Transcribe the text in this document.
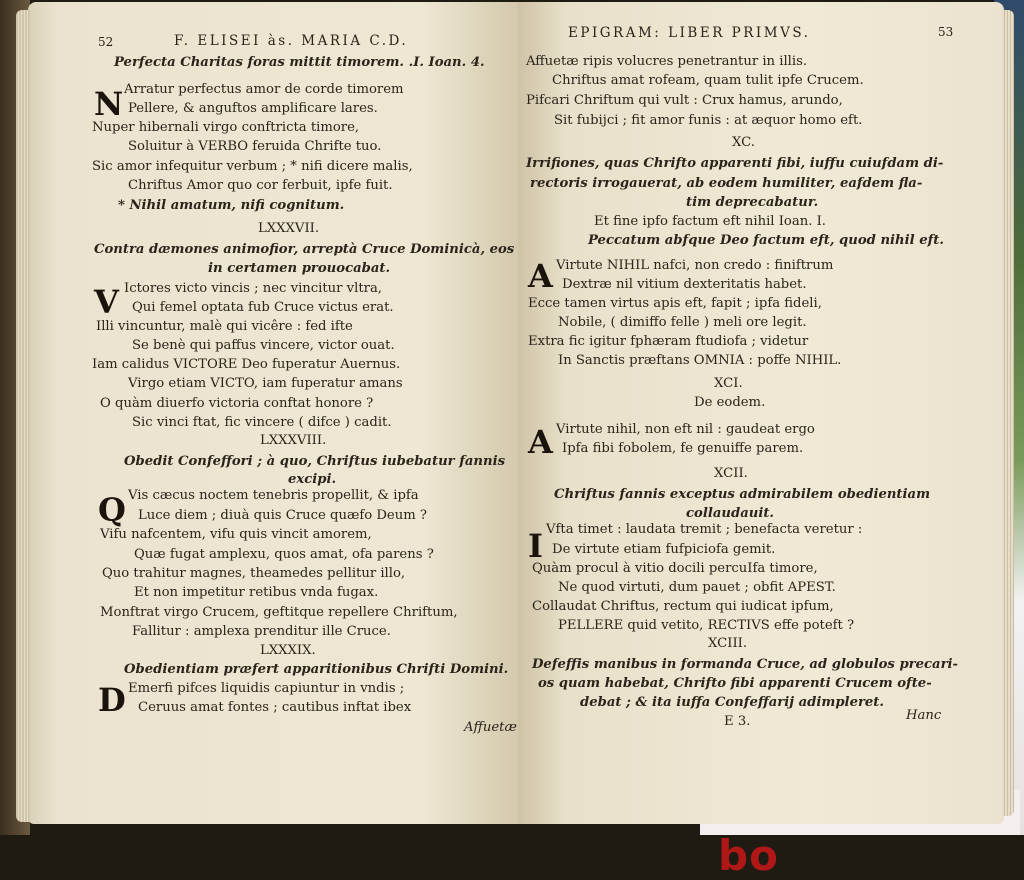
bo
52	F. ELISEI às. MARIA C.D.
Perfecta Charitas foras mittit timorem. .I. Ioan. 4.
N Arratur perfectus amor de corde timorem
Pellere, & anguftos amplificare lares.
Nuper hibernali virgo conftricta timore,
Soluitur à VERBO feruida Chrifte tuo.
Sic amor infequitur verbum ; * nifi dicere malis,
Chriftus Amor quo cor ferbuit, ipfe fuit.
* Nihil amatum, nifi cognitum.
LXXXVII.
Contra dæmones animofior, arreptà Cruce Dominicà, eos
in certamen prouocabat.
V Ictores victo vincis ; nec vincitur vltra,
Qui femel optata fub Cruce victus erat.
Illi vincuntur, malè qui vicêre : fed ifte
Se benè qui paffus vincere, victor ouat.
Iam calidus VICTORE Deo fuperatur Auernus.
Virgo etiam VICTO, iam fuperatur amans
O quàm diuerfo victoria conftat honore ?
Sic vinci ftat, fic vincere ( difce ) cadit.
LXXXVIII.
Obedit Confeffori ; à quo, Chriftus iubebatur fannis
excipi.
Q Vis cæcus noctem tenebris propellit, & ipfa
Luce diem ; diuà quis Cruce quæfo Deum ?
Vifu nafcentem, vifu quis vincit amorem,
Quæ fugat amplexu, quos amat, ofa parens ?
Quo trahitur magnes, theamedes pellitur illo,
Et non impetitur retibus vnda fugax.
Monftrat virgo Crucem, geftitque repellere Chriftum,
Fallitur : amplexa prenditur ille Cruce.
LXXXIX.
Obedientiam præfert apparitionibus Chrifti Domini.
D Emerfi pifces liquidis capiuntur in vndis ;
Ceruus amat fontes ; cautibus inftat ibex
Affuetæ
EPIGRAM: LIBER PRIMVS.	53
Affuetæ ripis volucres penetrantur in illis.
Chriftus amat rofeam, quam tulit ipfe Crucem.
Pifcari Chriftum qui vult : Crux hamus, arundo,
Sit fubijci ; fit amor funis : at æquor homo eft.
XC.
Irrifiones, quas Chrifto apparenti fibi, iuffu cuiufdam di-
rectoris irrogauerat, ab eodem humiliter, eafdem fla-
tim deprecabatur.
Et fine ipfo factum eft nihil Ioan. I.
Peccatum abfque Deo factum eft, quod nihil eft.
A Virtute NIHIL nafci, non credo : finiftrum
Dextræ nil vitium dexteritatis habet.
Ecce tamen virtus apis eft, fapit ; ipfa fideli,
Nobile, ( dimiffo felle ) meli ore legit.
Extra fic igitur fphæram ftudiofa ; videtur
In Sanctis præftans OMNIA : poffe NIHIL.
XCI.
De eodem.
A Virtute nihil, non eft nil : gaudeat ergo
Ipfa fibi fobolem, fe genuiffe parem.
XCII.
Chriftus fannis exceptus admirabilem obedientiam
collaudauit.
I Vfta timet : laudata tremit ; benefacta veretur :
De virtute etiam fufpiciofa gemit.
Quàm procul à vitio docili percuIfa timore,
Ne quod virtuti, dum pauet ; obfit APEST.
Collaudat Chriftus, rectum qui iudicat ipfum,
PELLERE quid vetito, RECTIVS effe poteft ?
XCIII.
Defeffis manibus in formanda Cruce, ad globulos precari-
os quam habebat, Chrifto fibi apparenti Crucem ofte-
debat ; & ita iuffa Confeffarij adimpleret.
E 3.	Hanc
